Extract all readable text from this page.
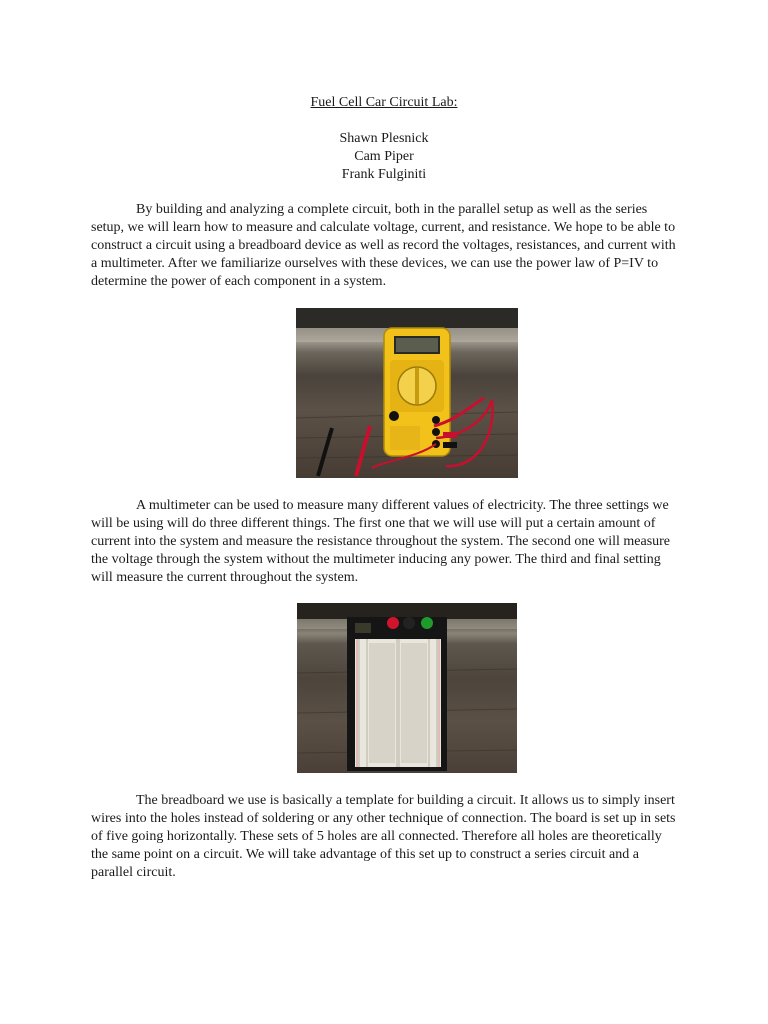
Fuel Cell Car Circuit Lab:
Shawn Plesnick
Cam Piper
Frank Fulginiti

By building and analyzing a complete circuit, both in the parallel setup as well as the series setup, we will learn how to measure and calculate voltage, current, and resistance. We hope to be able to construct a circuit using a breadboard device as well as record the voltages, resistances, and current with a multimeter. After we familiarize ourselves with these devices, we can use the power law of P=IV to determine the power of each component in a system.

A multimeter can be used to measure many different values of electricity. The three settings we will be using will do three different things. The first one that we will use will put a certain amount of current into the system and measure the resistance throughout the system. The second one will measure the voltage through the system without the multimeter inducing any power. The third and final setting will measure the current throughout the system.

The breadboard we use is basically a template for building a circuit. It allows us to simply insert wires into the holes instead of soldering or any other technique of connection. The board is set up in sets of five going horizontally. These sets of 5 holes are all connected. Therefore all holes are theoretically the same point on a circuit. We will take advantage of this set up to construct a series circuit and a parallel circuit.
